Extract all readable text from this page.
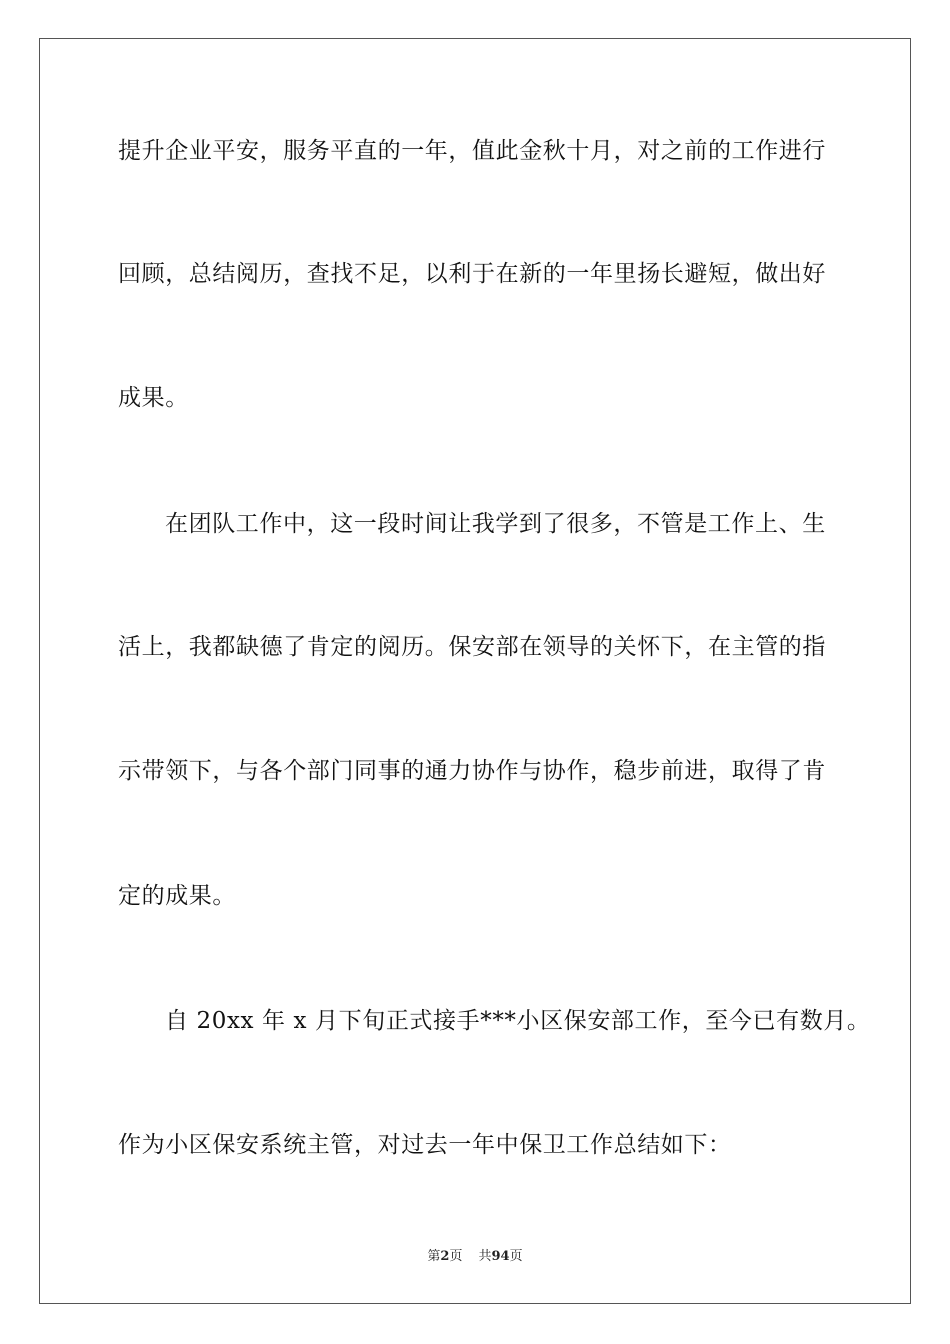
提升企业平安，服务平直的一年，值此金秋十月，对之前的工作进行
回顾，总结阅历，查找不足，以利于在新的一年里扬长避短，做出好
成果。
在团队工作中，这一段时间让我学到了很多，不管是工作上、生
活上，我都缺德了肯定的阅历。保安部在领导的关怀下，在主管的指
示带领下，与各个部门同事的通力协作与协作，稳步前进，取得了肯
定的成果。
自 20xx 年 x 月下旬正式接手***小区保安部工作，至今已有数月。
作为小区保安系统主管，对过去一年中保卫工作总结如下：
第2页 共94页
